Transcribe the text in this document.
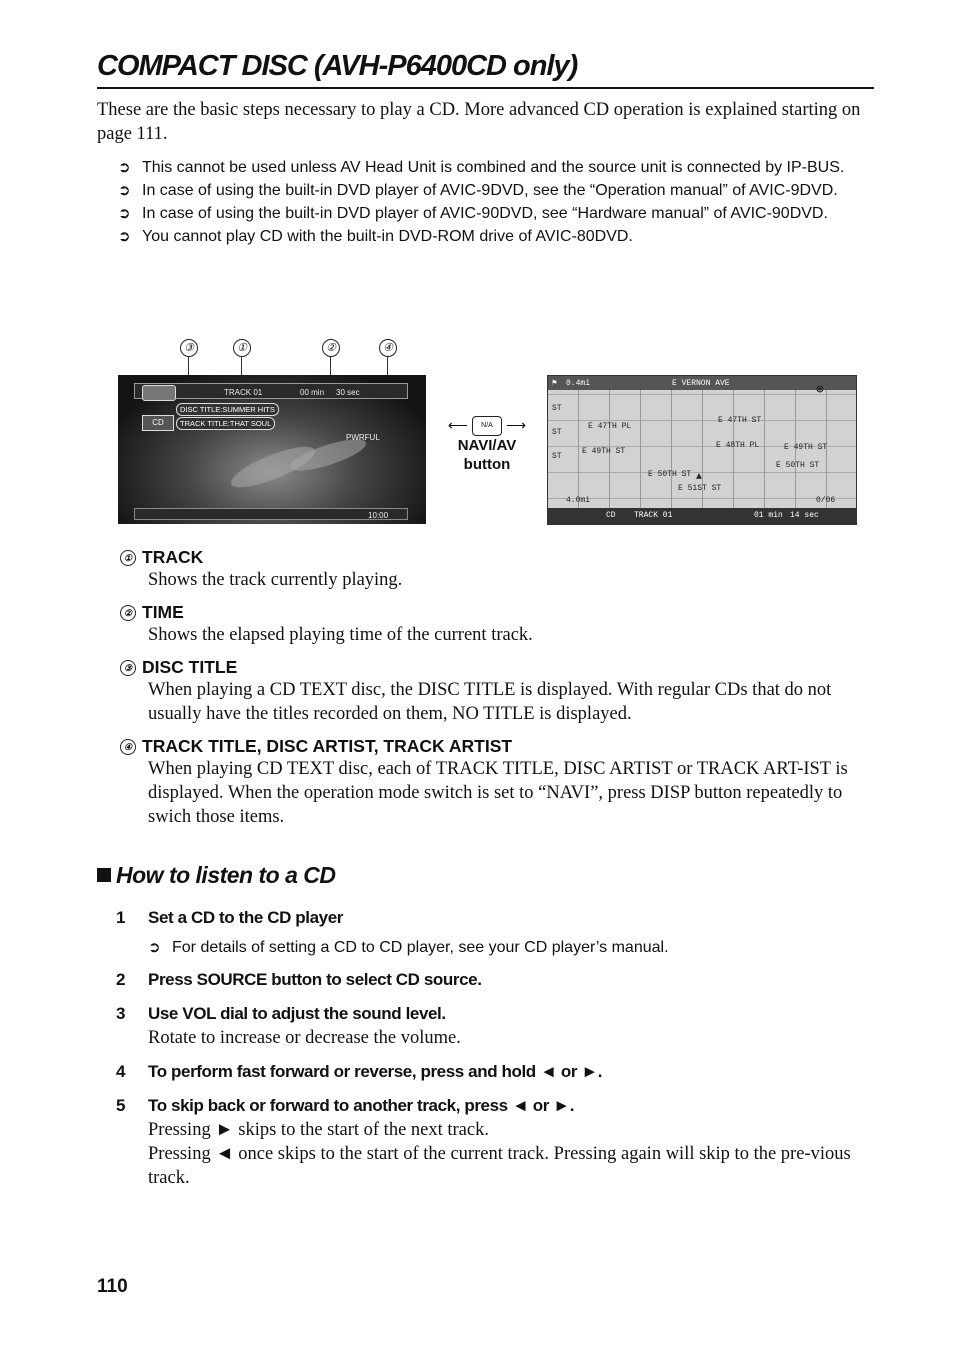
COMPACT DISC (AVH-P6400CD only)

These are the basic steps necessary to play a CD. More advanced CD operation is explained starting on page 111.

➲ This cannot be used unless AV Head Unit is combined and the source unit is connected by IP-BUS.
➲ In case of using the built-in DVD player of AVIC-9DVD, see the “Operation manual” of AVIC-9DVD.
➲ In case of using the built-in DVD player of AVIC-90DVD, see “Hardware manual” of AVIC-90DVD.
➲ You cannot play CD with the built-in DVD-ROM drive of AVIC-80DVD.
③	①	②	④
TRACK 01	00 min 30 sec
DISC TITLE:SUMMER HITS
CD	TRACK TITLE:THAT SOUL
PWRFUL
10:00
⟵ N/A ⟶
NAVI/AV
button
⚑ 0.4mi	E VERNON AVE
E 47TH PL
E 47TH ST
E 48TH PL
E 49TH ST
E 50TH ST
E 51ST ST
E 49TH ST
E 50TH ST
ST
ST
ST
⊛
▲
4.0mi	0/06
CD TRACK 01	01 min 14 sec
① TRACK
Shows the track currently playing.
② TIME
Shows the elapsed playing time of the current track.
③ DISC TITLE
When playing a CD TEXT disc, the DISC TITLE is displayed. With regular CDs that do not usually have the titles recorded on them, NO TITLE is displayed.
④ TRACK TITLE, DISC ARTIST, TRACK ARTIST
When playing CD TEXT disc, each of TRACK TITLE, DISC ARTIST or TRACK ART-IST is displayed. When the operation mode switch is set to “NAVI”, press DISP button repeatedly to swich those items.
How to listen to a CD
1 Set a CD to the CD player
➲ For details of setting a CD to CD player, see your CD player’s manual.
2 Press SOURCE button to select CD source.
3 Use VOL dial to adjust the sound level.
Rotate to increase or decrease the volume.
4 To perform fast forward or reverse, press and hold ◄ or ►.
5 To skip back or forward to another track, press ◄ or ►.
Pressing ► skips to the start of the next track.
Pressing ◄ once skips to the start of the current track. Pressing again will skip to the pre-vious track.
110
